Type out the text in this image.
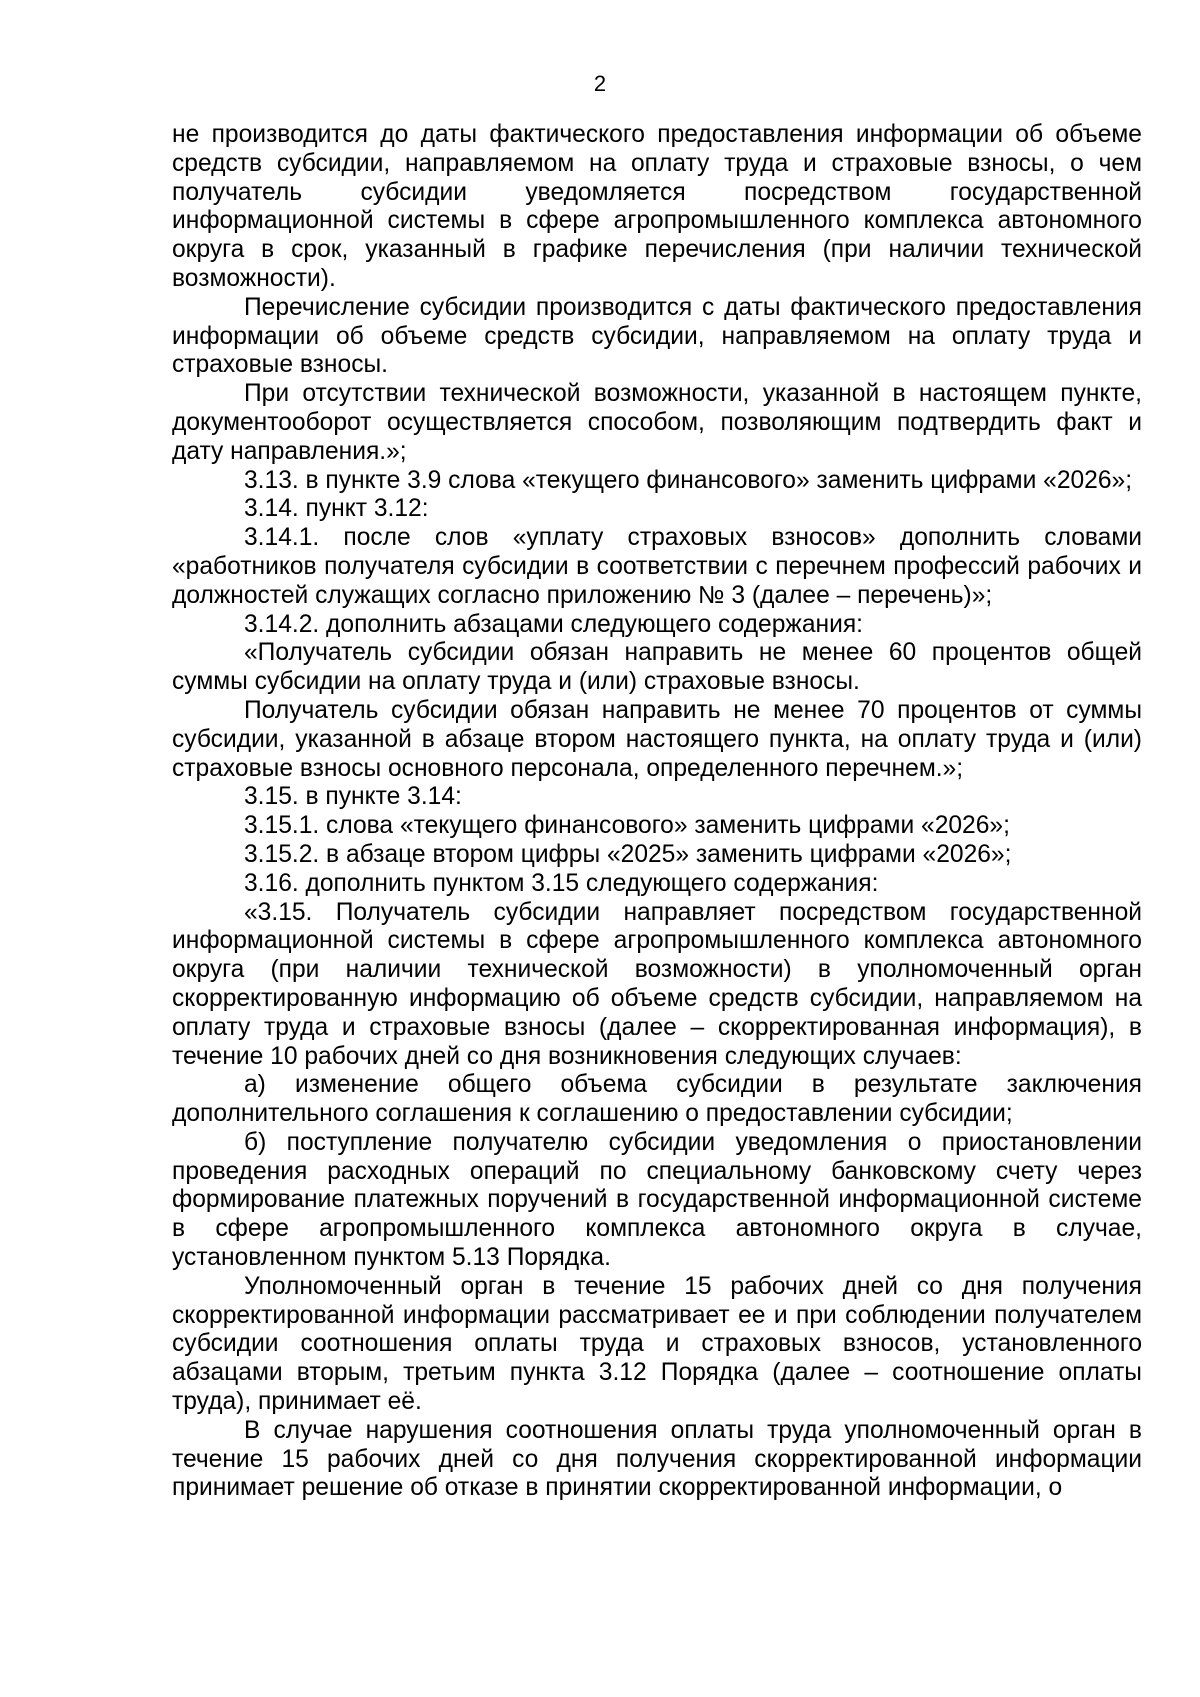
2

не производится до даты фактического предоставления информации об объеме средств субсидии, направляемом на оплату труда и страховые взносы, о чем получатель субсидии уведомляется посредством государственной информационной системы в сфере агропромышленного комплекса автономного округа в срок, указанный в графике перечисления (при наличии технической возможности).

Перечисление субсидии производится с даты фактического предоставления информации об объеме средств субсидии, направляемом на оплату труда и страховые взносы.

При отсутствии технической возможности, указанной в настоящем пункте, документооборот осуществляется способом, позволяющим подтвердить факт и дату направления.»;

3.13. в пункте 3.9 слова «текущего финансового» заменить цифрами «2026»;

3.14. пункт 3.12:

3.14.1. после слов «уплату страховых взносов» дополнить словами «работников получателя субсидии в соответствии с перечнем профессий рабочих и должностей служащих согласно приложению № 3 (далее – перечень)»;

3.14.2. дополнить абзацами следующего содержания:

«Получатель субсидии обязан направить не менее 60 процентов общей суммы субсидии на оплату труда и (или) страховые взносы.

Получатель субсидии обязан направить не менее 70 процентов от суммы субсидии, указанной в абзаце втором настоящего пункта, на оплату труда и (или) страховые взносы основного персонала, определенного перечнем.»;

3.15. в пункте 3.14:

3.15.1. слова «текущего финансового» заменить цифрами «2026»;

3.15.2. в абзаце втором цифры «2025» заменить цифрами «2026»;

3.16. дополнить пунктом 3.15 следующего содержания:

«3.15. Получатель субсидии направляет посредством государственной информационной системы в сфере агропромышленного комплекса автономного округа (при наличии технической возможности) в уполномоченный орган скорректированную информацию об объеме средств субсидии, направляемом на оплату труда и страховые взносы (далее – скорректированная информация), в течение 10 рабочих дней со дня возникновения следующих случаев:

а) изменение общего объема субсидии в результате заключения дополнительного соглашения к соглашению о предоставлении субсидии;

б) поступление получателю субсидии уведомления о приостановлении проведения расходных операций по специальному банковскому счету через формирование платежных поручений в государственной информационной системе в сфере агропромышленного комплекса автономного округа в случае, установленном пунктом 5.13 Порядка.

Уполномоченный орган в течение 15 рабочих дней со дня получения скорректированной информации рассматривает ее и при соблюдении получателем субсидии соотношения оплаты труда и страховых взносов, установленного абзацами вторым, третьим пункта 3.12 Порядка (далее – соотношение оплаты труда), принимает её.

В случае нарушения соотношения оплаты труда уполномоченный орган в течение 15 рабочих дней со дня получения скорректированной информации принимает решение об отказе в принятии скорректированной информации, о
